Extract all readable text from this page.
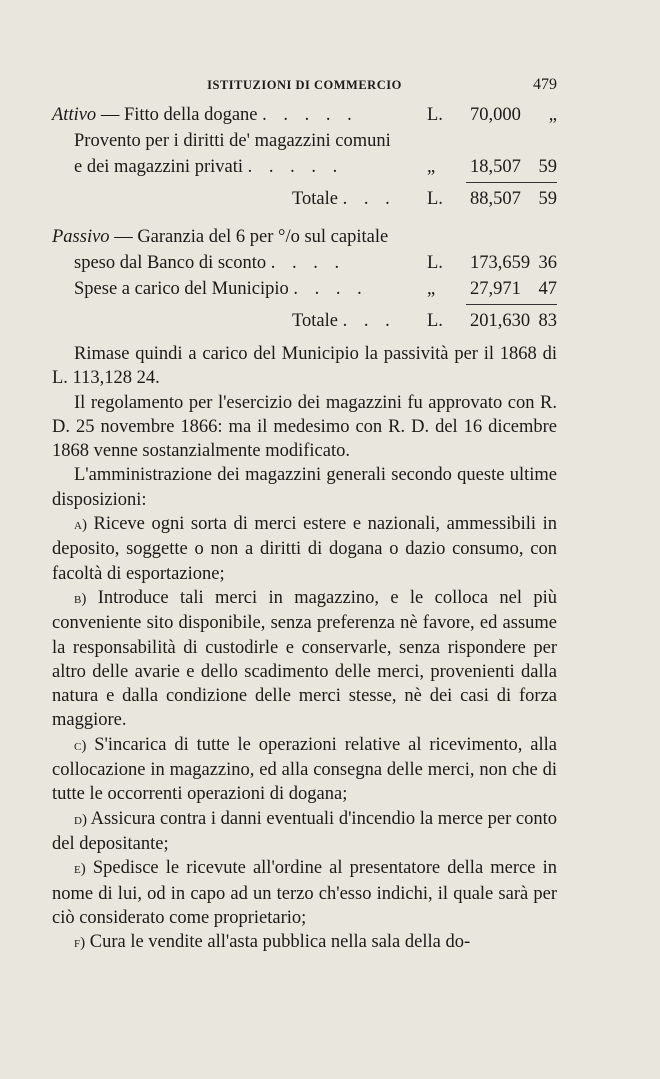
ISTITUZIONI DI COMMERCIO	479
Attivo — Fitto della dogane . . . . .	L. 70,000 „
Provento per i diritti de' magazzini comuni
e dei magazzini privati . . . . .	„ 18,507 59
Totale . . . L. 88,507 59
Passivo — Garanzia del 6 per °/o sul capitale
speso dal Banco di sconto . . . .	L. 173,659 36
Spese a carico del Municipio . . . .	„ 27,971 47
Totale . . . L. 201,630 83

Rimase quindi a carico del Municipio la passività per il 1868 di L. 113,128 24.

Il regolamento per l'esercizio dei magazzini fu approvato con R. D. 25 novembre 1866: ma il medesimo con R. D. del 16 dicembre 1868 venne sostanzialmente modificato.

L'amministrazione dei magazzini generali secondo queste ultime disposizioni:

a) Riceve ogni sorta di merci estere e nazionali, ammessibili in deposito, soggette o non a diritti di dogana o dazio consumo, con facoltà di esportazione;

b) Introduce tali merci in magazzino, e le colloca nel più conveniente sito disponibile, senza preferenza nè favore, ed assume la responsabilità di custodirle e conservarle, senza rispondere per altro delle avarie e dello scadimento delle merci, provenienti dalla natura e dalla condizione delle merci stesse, nè dei casi di forza maggiore.

c) S'incarica di tutte le operazioni relative al ricevimento, alla collocazione in magazzino, ed alla consegna delle merci, non che di tutte le occorrenti operazioni di dogana;

d) Assicura contra i danni eventuali d'incendio la merce per conto del depositante;

e) Spedisce le ricevute all'ordine al presentatore della merce in nome di lui, od in capo ad un terzo ch'esso indichi, il quale sarà per ciò considerato come proprietario;

f) Cura le vendite all'asta pubblica nella sala della do-
